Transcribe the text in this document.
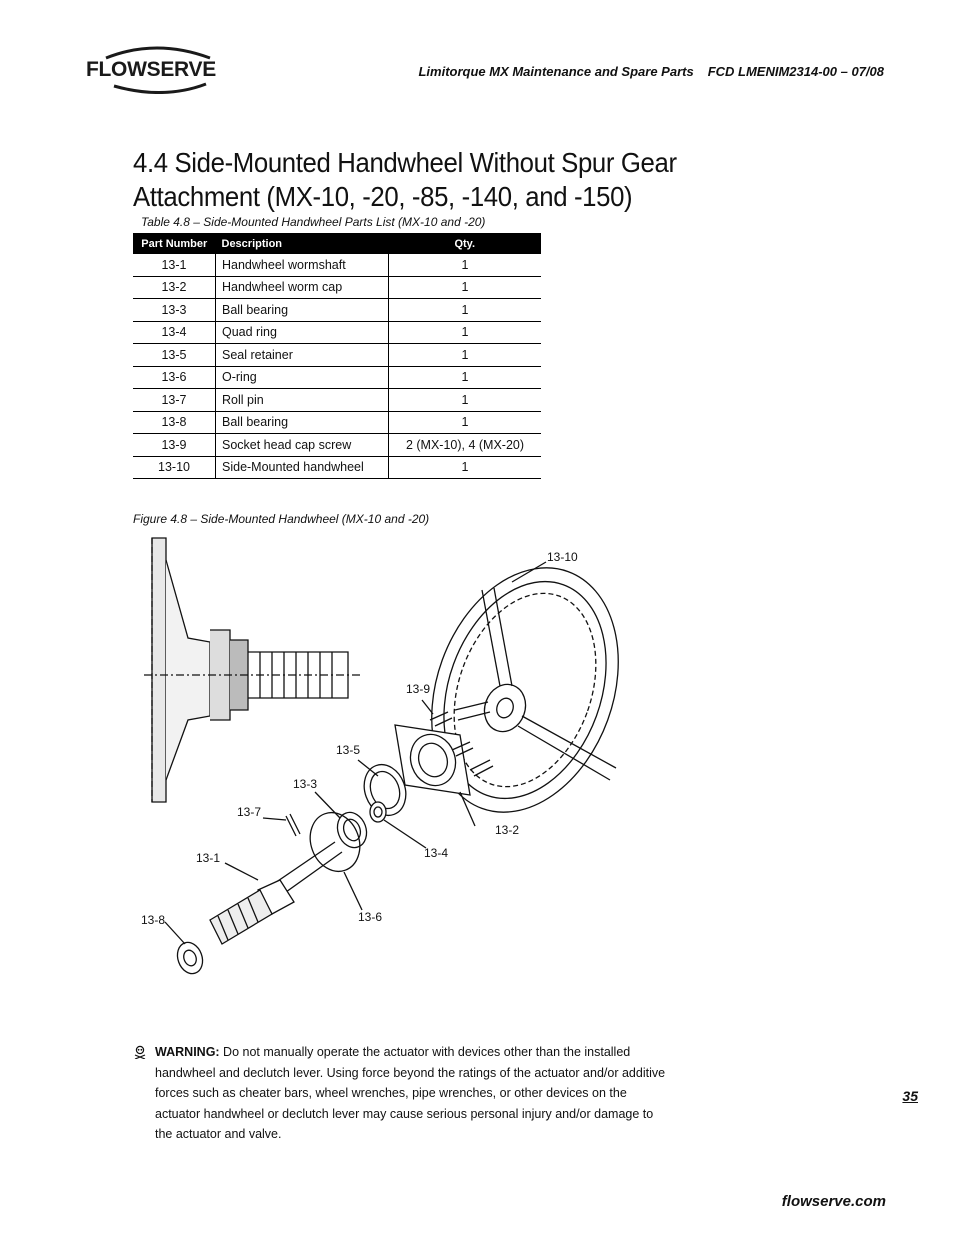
FLOWSERVE	Limitorque MX Maintenance and Spare Parts FCD LMENIM2314-00 – 07/08
4.4 Side-Mounted Handwheel Without Spur Gear
Attachment (MX-10, -20, -85, -140, and -150)
Table 4.8 – Side-Mounted Handwheel Parts List (MX-10 and -20)
Part Number	Description	Qty.
13-1	Handwheel wormshaft	1
13-2	Handwheel worm cap	1
13-3	Ball bearing	1
13-4	Quad ring	1
13-5	Seal retainer	1
13-6	O-ring	1
13-7	Roll pin	1
13-8	Ball bearing	1
13-9	Socket head cap screw	2 (MX-10), 4 (MX-20)
13-10	Side-Mounted handwheel	1
Figure 4.8 – Side-Mounted Handwheel (MX-10 and -20)
13-10
13-9
13-5
13-3
13-7
13-2
13-4
13-1
13-6
13-8
WARNING: Do not manually operate the actuator with devices other than the installed handwheel and declutch lever. Using force beyond the ratings of the actuator and/or additive forces such as cheater bars, wheel wrenches, pipe wrenches, or other devices on the actuator handwheel or declutch lever may cause serious personal injury and/or damage to the actuator and valve.
35
flowserve.com
